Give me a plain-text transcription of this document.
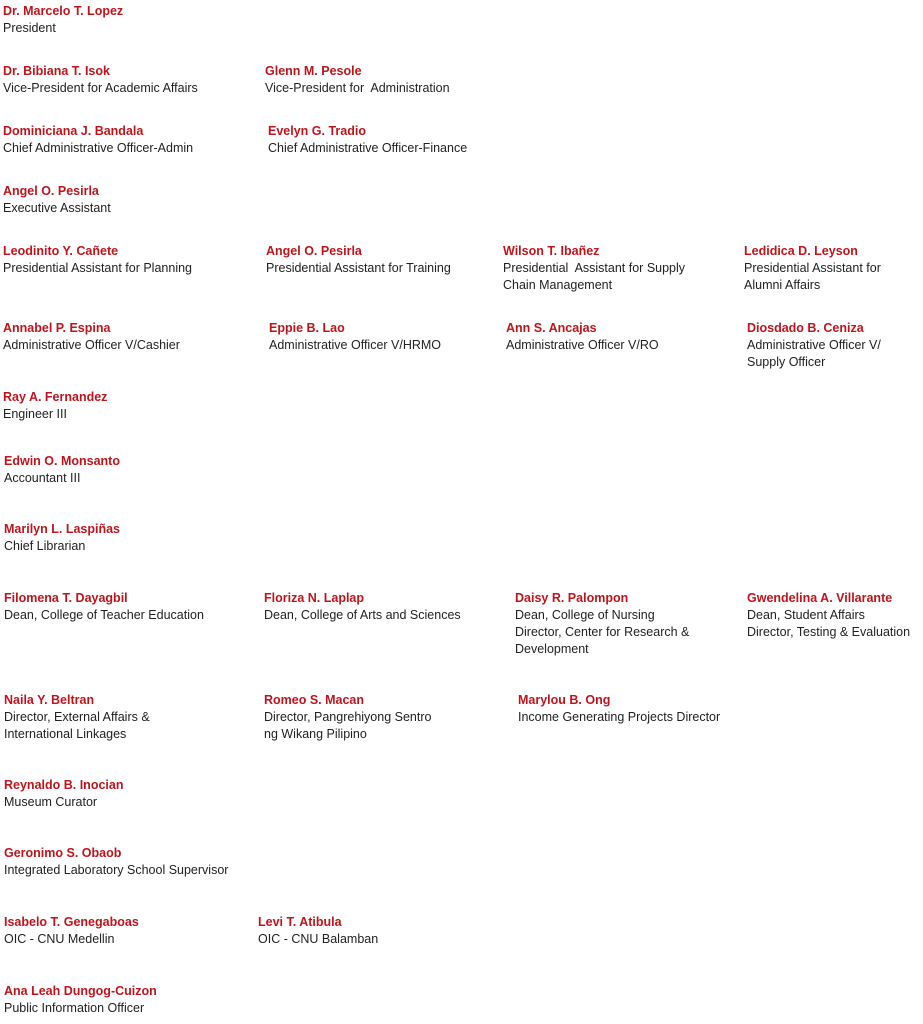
Dr. Marcelo T. Lopez
President
Dr. Bibiana T. Isok
Vice-President for Academic Affairs
Glenn M. Pesole
Vice-President for  Administration
Dominiciana J. Bandala
Chief Administrative Officer-Admin
Evelyn G. Tradio
Chief Administrative Officer-Finance
Angel O. Pesirla
Executive Assistant
Leodinito Y. Cañete
Presidential Assistant for Planning
Angel O. Pesirla
Presidential Assistant for Training
Wilson T. Ibañez
Presidential  Assistant for Supply
Chain Management
Ledidica D. Leyson
Presidential Assistant for
Alumni Affairs
Annabel P. Espina
Administrative Officer V/Cashier
Eppie B. Lao
Administrative Officer V/HRMO
Ann S. Ancajas
Administrative Officer V/RO
Diosdado B. Ceniza
Administrative Officer V/
Supply Officer
Ray A. Fernandez
Engineer III
Edwin O. Monsanto
Accountant III
Marilyn L. Laspiñas
Chief Librarian
Filomena T. Dayagbil
Dean, College of Teacher Education
Floriza N. Laplap
Dean, College of Arts and Sciences
Daisy R. Palompon
Dean, College of Nursing
Director, Center for Research &
Development
Gwendelina A. Villarante
Dean, Student Affairs
Director, Testing & Evaluation
Naila Y. Beltran
Director, External Affairs &
International Linkages
Romeo S. Macan
Director, Pangrehiyong Sentro
ng Wikang Pilipino
Marylou B. Ong
Income Generating Projects Director
Reynaldo B. Inocian
Museum Curator
Geronimo S. Obaob
Integrated Laboratory School Supervisor
Isabelo T. Genegaboas
OIC - CNU Medellin
Levi T. Atibula
OIC - CNU Balamban
Ana Leah Dungog-Cuizon
Public Information Officer
